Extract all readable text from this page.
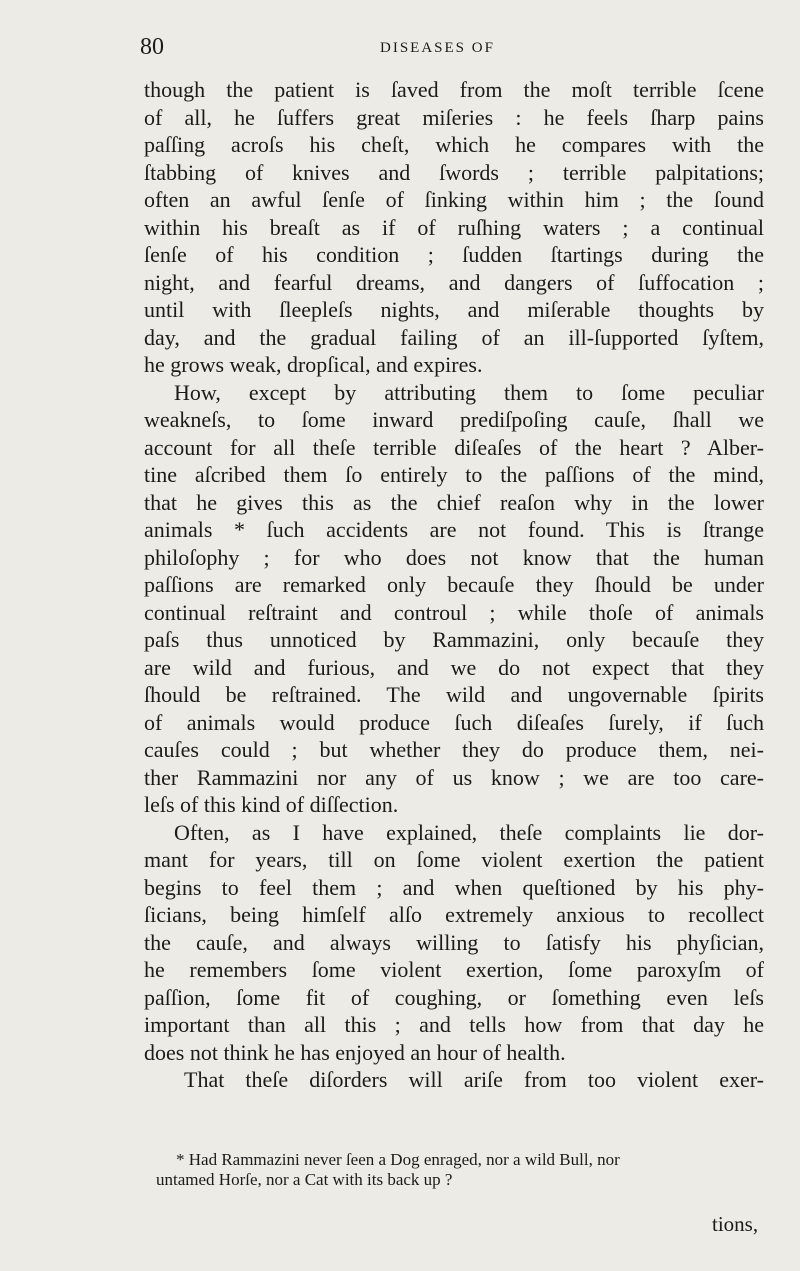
80	DISEASES OF
though the patient is ſaved from the moſt terrible ſcene
of all, he ſuffers great miſeries : he feels ſharp pains
paſſing acroſs his cheſt, which he compares with the
ſtabbing of knives and ſwords ; terrible palpitations;
often an awful ſenſe of ſinking within him ; the ſound
within his breaſt as if of ruſhing waters ; a continual
ſenſe of his condition ; ſudden ſtartings during the
night, and fearful dreams, and dangers of ſuffocation ;
until with ſleepleſs nights, and miſerable thoughts by
day, and the gradual failing of an ill-ſupported ſyſtem,
he grows weak, dropſical, and expires.
How, except by attributing them to ſome peculiar
weakneſs, to ſome inward prediſpoſing cauſe, ſhall we
account for all theſe terrible diſeaſes of the heart ? Alber-
tine aſcribed them ſo entirely to the paſſions of the mind,
that he gives this as the chief reaſon why in the lower
animals * ſuch accidents are not found. This is ſtrange
philoſophy ; for who does not know that the human
paſſions are remarked only becauſe they ſhould be under
continual reſtraint and controul ; while thoſe of animals
paſs thus unnoticed by Rammazini, only becauſe they
are wild and furious, and we do not expect that they
ſhould be reſtrained. The wild and ungovernable ſpirits
of animals would produce ſuch diſeaſes ſurely, if ſuch
cauſes could ; but whether they do produce them, nei-
ther Rammazini nor any of us know ; we are too care-
leſs of this kind of diſſection.
Often, as I have explained, theſe complaints lie dor-
mant for years, till on ſome violent exertion the patient
begins to feel them ; and when queſtioned by his phy-
ſicians, being himſelf alſo extremely anxious to recollect
the cauſe, and always willing to ſatisfy his phyſician,
he remembers ſome violent exertion, ſome paroxyſm of
paſſion, ſome fit of coughing, or ſomething even leſs
important than all this ; and tells how from that day he
does not think he has enjoyed an hour of health.
That theſe diſorders will ariſe from too violent exer-
* Had Rammazini never ſeen a Dog enraged, nor a wild Bull, nor
untamed Horſe, nor a Cat with its back up ?
tions,
